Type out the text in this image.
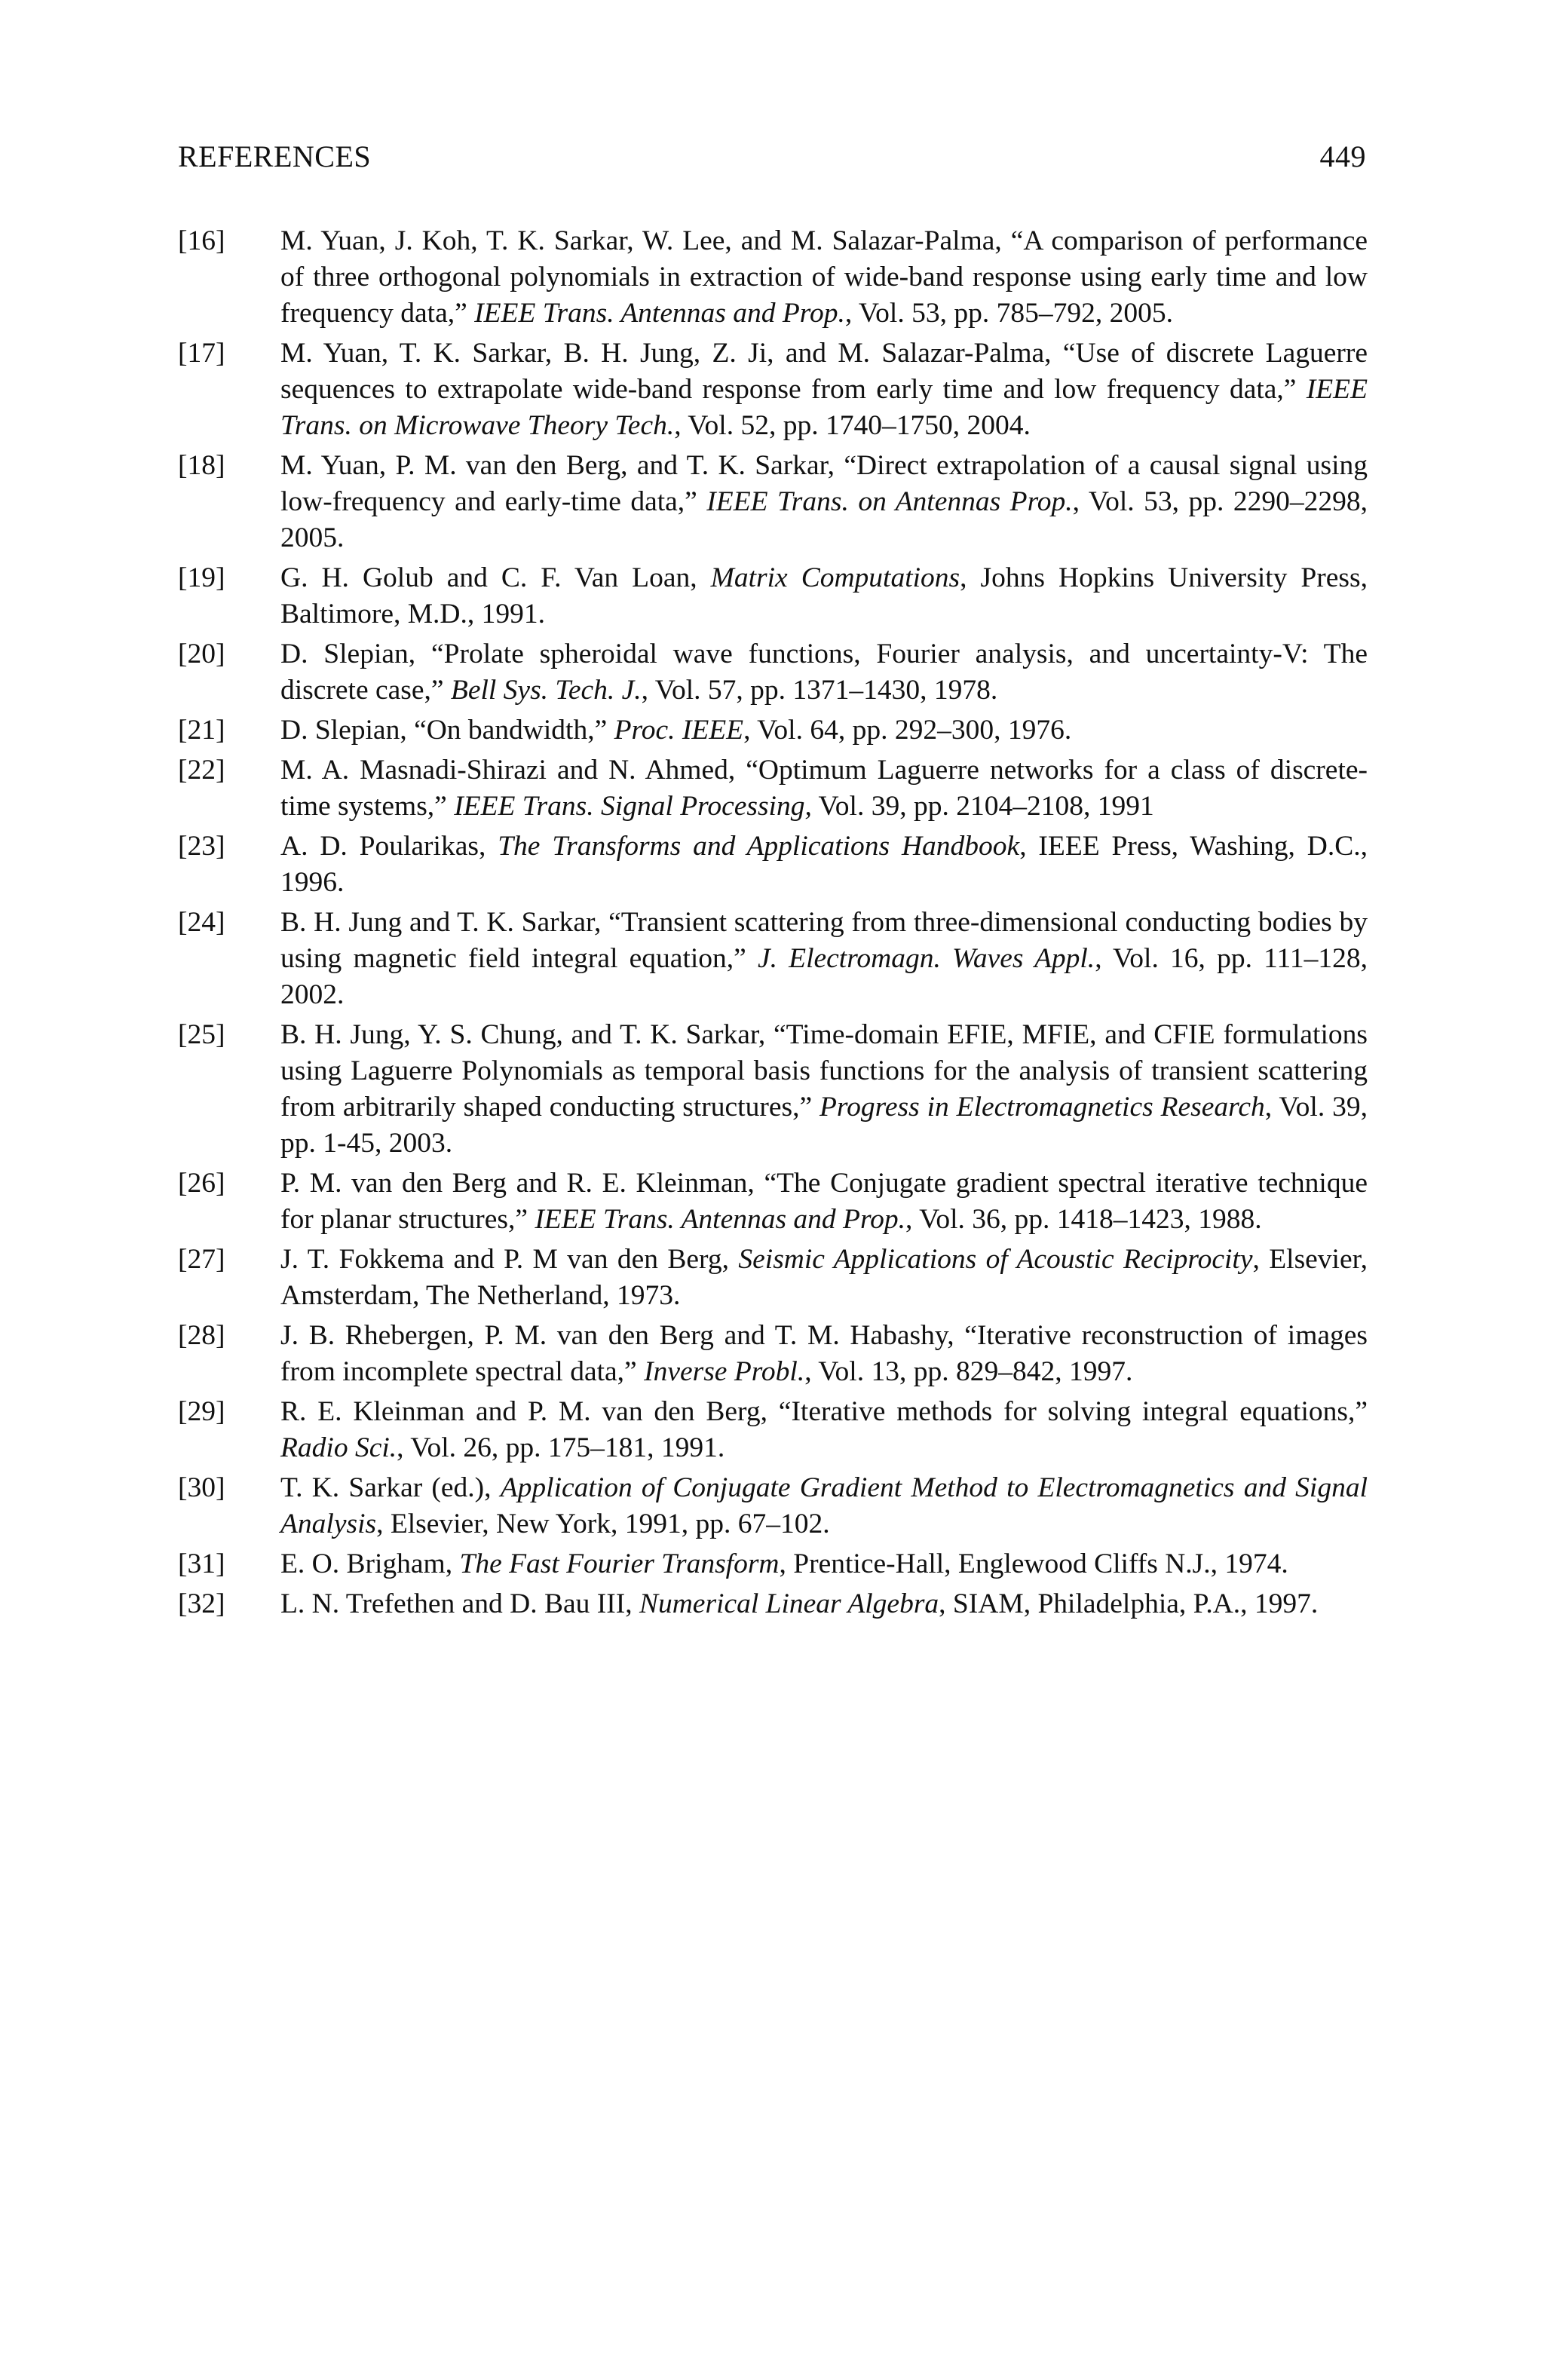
REFERENCES	449
[16]	M. Yuan, J. Koh, T. K. Sarkar, W. Lee, and M. Salazar-Palma, “A comparison of performance of three orthogonal polynomials in extraction of wide-band response using early time and low frequency data,” IEEE Trans. Antennas and Prop., Vol. 53, pp. 785–792, 2005.
[17]	M. Yuan, T. K. Sarkar, B. H. Jung, Z. Ji, and M. Salazar-Palma, “Use of discrete Laguerre sequences to extrapolate wide-band response from early time and low frequency data,” IEEE Trans. on Microwave Theory Tech., Vol. 52, pp. 1740–1750, 2004.
[18]	M. Yuan, P. M. van den Berg, and T. K. Sarkar, “Direct extrapolation of a causal signal using low-frequency and early-time data,” IEEE Trans. on Antennas Prop., Vol. 53, pp. 2290–2298, 2005.
[19]	G. H. Golub and C. F. Van Loan, Matrix Computations, Johns Hopkins University Press, Baltimore, M.D., 1991.
[20]	D. Slepian, “Prolate spheroidal wave functions, Fourier analysis, and uncertainty-V: The discrete case,” Bell Sys. Tech. J., Vol. 57, pp. 1371–1430, 1978.
[21]	D. Slepian, “On bandwidth,” Proc. IEEE, Vol. 64, pp. 292–300, 1976.
[22]	M. A. Masnadi-Shirazi and N. Ahmed, “Optimum Laguerre networks for a class of discrete-time systems,” IEEE Trans. Signal Processing, Vol. 39, pp. 2104–2108, 1991
[23]	A. D. Poularikas, The Transforms and Applications Handbook, IEEE Press, Washing, D.C., 1996.
[24]	B. H. Jung and T. K. Sarkar, “Transient scattering from three-dimensional conducting bodies by using magnetic field integral equation,” J. Electromagn. Waves Appl., Vol. 16, pp. 111–128, 2002.
[25]	B. H. Jung, Y. S. Chung, and T. K. Sarkar, “Time-domain EFIE, MFIE, and CFIE formulations using Laguerre Polynomials as temporal basis functions for the analysis of transient scattering from arbitrarily shaped conducting structures,” Progress in Electromagnetics Research, Vol. 39, pp. 1-45, 2003.
[26]	P. M. van den Berg and R. E. Kleinman, “The Conjugate gradient spectral iterative technique for planar structures,” IEEE Trans. Antennas and Prop., Vol. 36, pp. 1418–1423, 1988.
[27]	J. T. Fokkema and P. M van den Berg, Seismic Applications of Acoustic Reciprocity, Elsevier, Amsterdam, The Netherland, 1973.
[28]	J. B. Rhebergen, P. M. van den Berg and T. M. Habashy, “Iterative reconstruction of images from incomplete spectral data,” Inverse Probl., Vol. 13, pp. 829–842, 1997.
[29]	R. E. Kleinman and P. M. van den Berg, “Iterative methods for solving integral equations,” Radio Sci., Vol. 26, pp. 175–181, 1991.
[30]	T. K. Sarkar (ed.), Application of Conjugate Gradient Method to Electromagnetics and Signal Analysis, Elsevier, New York, 1991, pp. 67–102.
[31]	E. O. Brigham, The Fast Fourier Transform, Prentice-Hall, Englewood Cliffs N.J., 1974.
[32]	L. N. Trefethen and D. Bau III, Numerical Linear Algebra, SIAM, Philadelphia, P.A., 1997.
